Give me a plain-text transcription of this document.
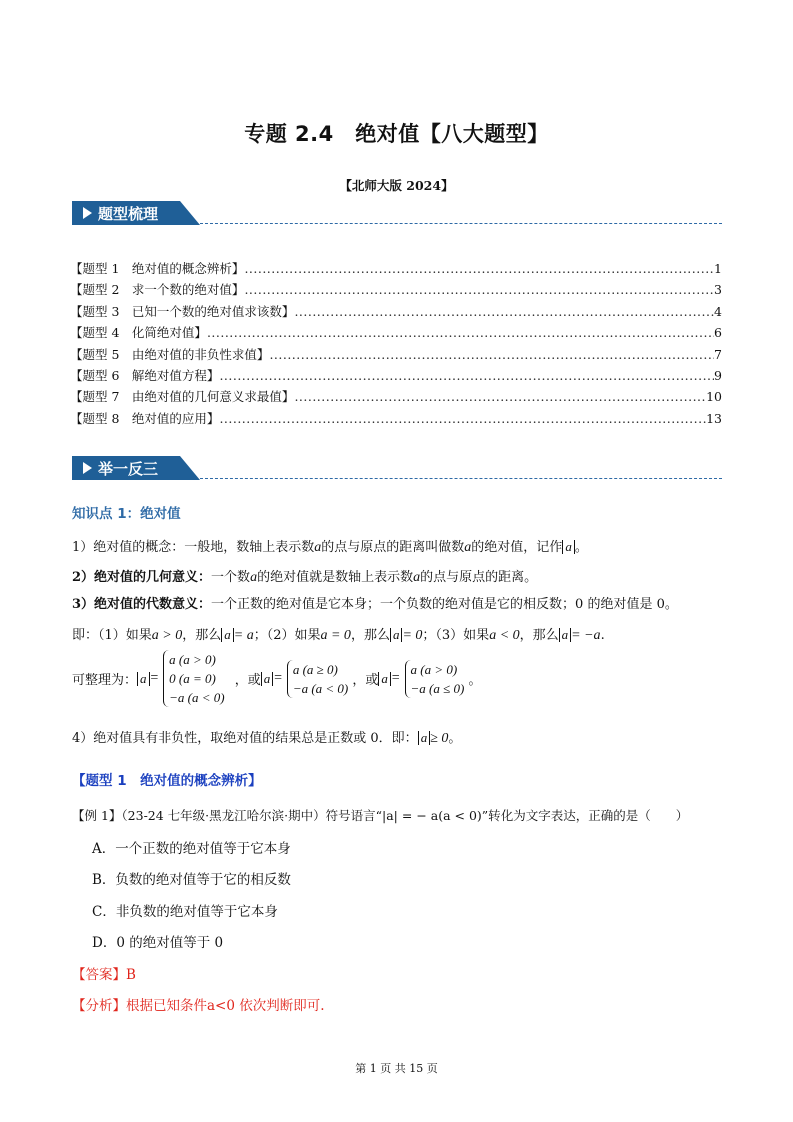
专题 2.4　绝对值【八大题型】
【北师大版 2024】
题型梳理
【题型 1　绝对值的概念辨析】 .....	1
【题型 2　求一个数的绝对值】 .....	3
【题型 3　已知一个数的绝对值求该数】 .....	4
【题型 4　化简绝对值】 .....	6
【题型 5　由绝对值的非负性求值】 .....	7
【题型 6　解绝对值方程】 .....	9
【题型 7　由绝对值的几何意义求最值】 .....	10
【题型 8　绝对值的应用】 .....	13
举一反三
知识点 1：绝对值
1）绝对值的概念：一般地，数轴上表示数a的点与原点的距离叫做数a的绝对值，记作 a 。
2）绝对值的几何意义：一个数a的绝对值就是数轴上表示数a的点与原点的距离。
3）绝对值的代数意义：一个正数的绝对值是它本身；一个负数的绝对值是它的相反数；0 的绝对值是 0。
即：（1）如果a > 0，那么 a = a；（2）如果a = 0，那么 a = 0；（3）如果a < 0，那么 a = −a.
可整理为： a = a (a > 0)
0 (a = 0)
−a (a < 0) ，或 a = a (a ≥ 0)
−a (a < 0) ，或 a = a (a > 0)
−a (a ≤ 0) 。
4）绝对值具有非负性，取绝对值的结果总是正数或 0．即： a ≥ 0。
【题型 1　绝对值的概念辨析】
【例 1】（23-24 七年级·黑龙江哈尔滨·期中）符号语言“|a| = − a(a < 0)”转化为文字表达，正确的是（　　）
A．一个正数的绝对值等于它本身
B．负数的绝对值等于它的相反数
C．非负数的绝对值等于它本身
D．0 的绝对值等于 0
【答案】B
【分析】根据已知条件a<0 依次判断即可.
第 1 页 共 15 页
